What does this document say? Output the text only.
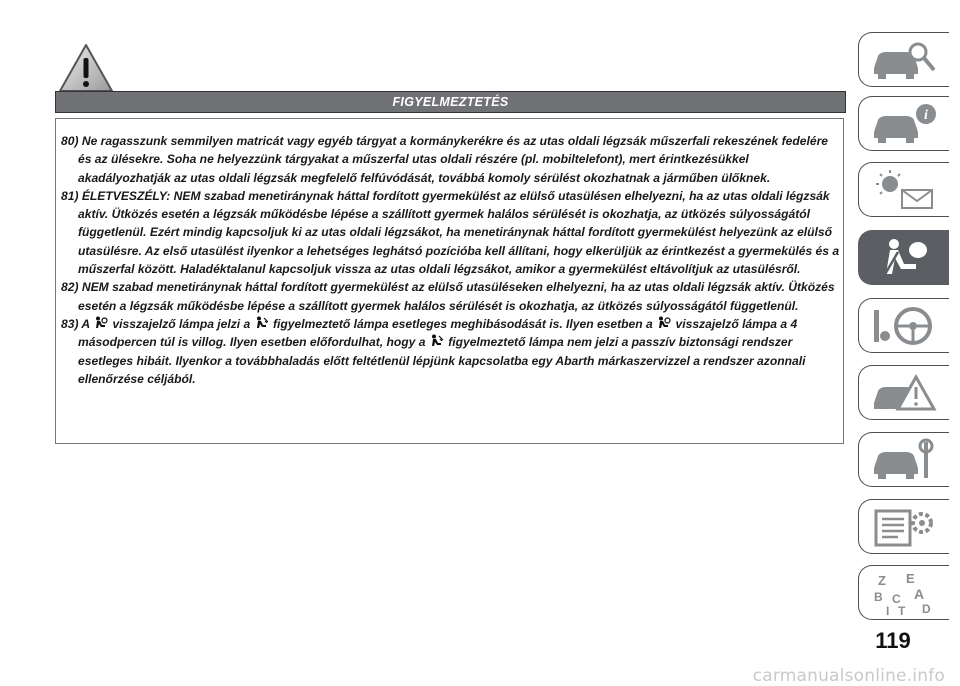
FIGYELMEZTETÉS
80) Ne ragasszunk semmilyen matricát vagy egyéb tárgyat a kormánykerékre és az utas oldali légzsák műszerfali rekeszének fedelére és az ülésekre. Soha ne helyezzünk tárgyakat a műszerfal utas oldali részére (pl. mobiltelefont), mert érintkezésükkel akadályozhatják az utas oldali légzsák megfelelő felfúvódását, továbbá komoly sérülést okozhatnak a járműben ülőknek.
81) ÉLETVESZÉLY: NEM szabad menetiránynak háttal fordított gyermekülést az elülső utasülésen elhelyezni, ha az utas oldali légzsák aktív. Ütközés esetén a légzsák működésbe lépése a szállított gyermek halálos sérülését is okozhatja, az ütközés súlyosságától függetlenül. Ezért mindig kapcsoljuk ki az utas oldali légzsákot, ha menetiránynak háttal fordított gyermekülést helyezünk az elülső utasülésre. Az első utasülést ilyenkor a lehetséges leghátsó pozícióba kell állítani, hogy elkerüljük az érintkezést a gyermekülés és a műszerfal között. Haladéktalanul kapcsoljuk vissza az utas oldali légzsákot, amikor a gyermekülést eltávolítjuk az utasülésről.
82) NEM szabad menetiránynak háttal fordított gyermekülést az elülső utasüléseken elhelyezni, ha az utas oldali légzsák aktív. Ütközés esetén a légzsák működésbe lépése a szállított gyermek halálos sérülését is okozhatja, az ütközés súlyosságától függetlenül.
83) A visszajelző lámpa jelzi a figyelmeztető lámpa esetleges meghibásodását is. Ilyen esetben a visszajelző lámpa a 4 másodpercen túl is villog. Ilyen esetben előfordulhat, hogy a figyelmeztető lámpa nem jelzi a passzív biztonsági rendszer esetleges hibáit. Ilyenkor a továbbhaladás előtt feltétlenül lépjünk kapcsolatba egy Abarth márkaszervizzel a rendszer azonnali ellenőrzése céljából.
i
Z E
B A
C
D
T
I
119
carmanualsonline.info
